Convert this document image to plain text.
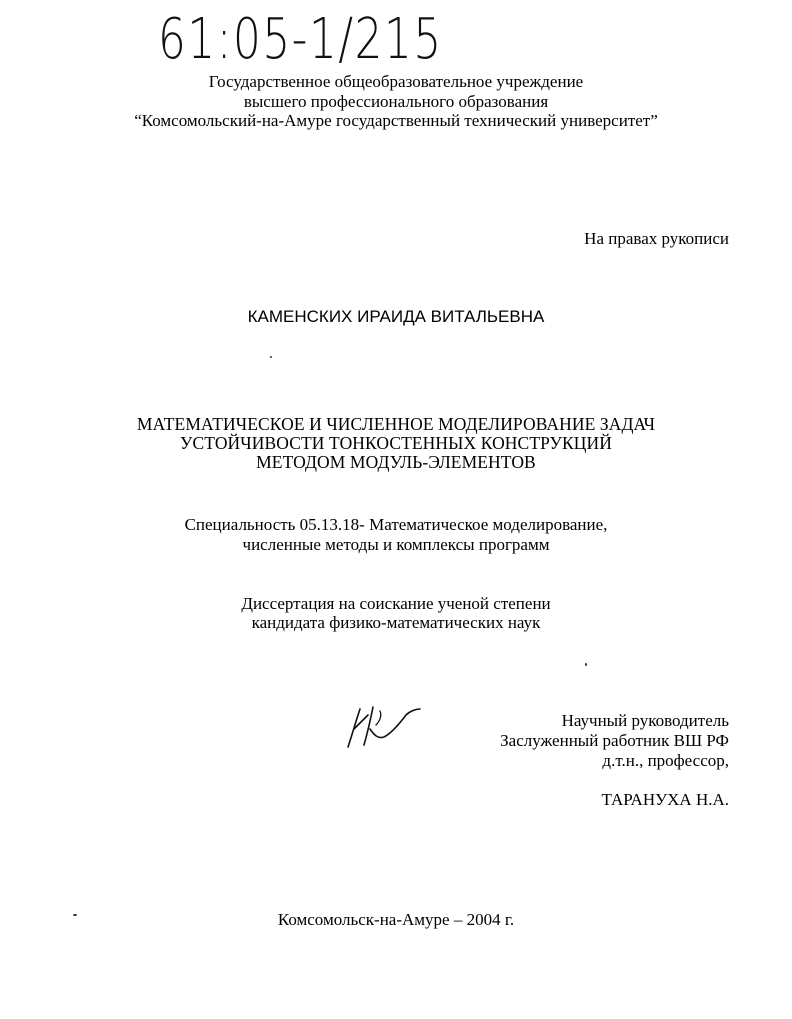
61:05-1/215
Государственное общеобразовательное учреждение
высшего профессионального образования
“Комсомольский-на-Амуре государственный технический университет”
На правах рукописи
КАМЕНСКИХ ИРАИДА ВИТАЛЬЕВНА
МАТЕМАТИЧЕСКОЕ И ЧИСЛЕННОЕ МОДЕЛИРОВАНИЕ ЗАДАЧ
УСТОЙЧИВОСТИ ТОНКОСТЕННЫХ КОНСТРУКЦИЙ
МЕТОДОМ МОДУЛЬ-ЭЛЕМЕНТОВ
Специальность 05.13.18- Математическое моделирование,
численные методы и комплексы программ
Диссертация на соискание ученой степени
кандидата физико-математических наук
Научный руководитель
Заслуженный работник ВШ РФ
д.т.н., профессор,
ТАРАНУХА Н.А.
Комсомольск-на-Амуре – 2004 г.
